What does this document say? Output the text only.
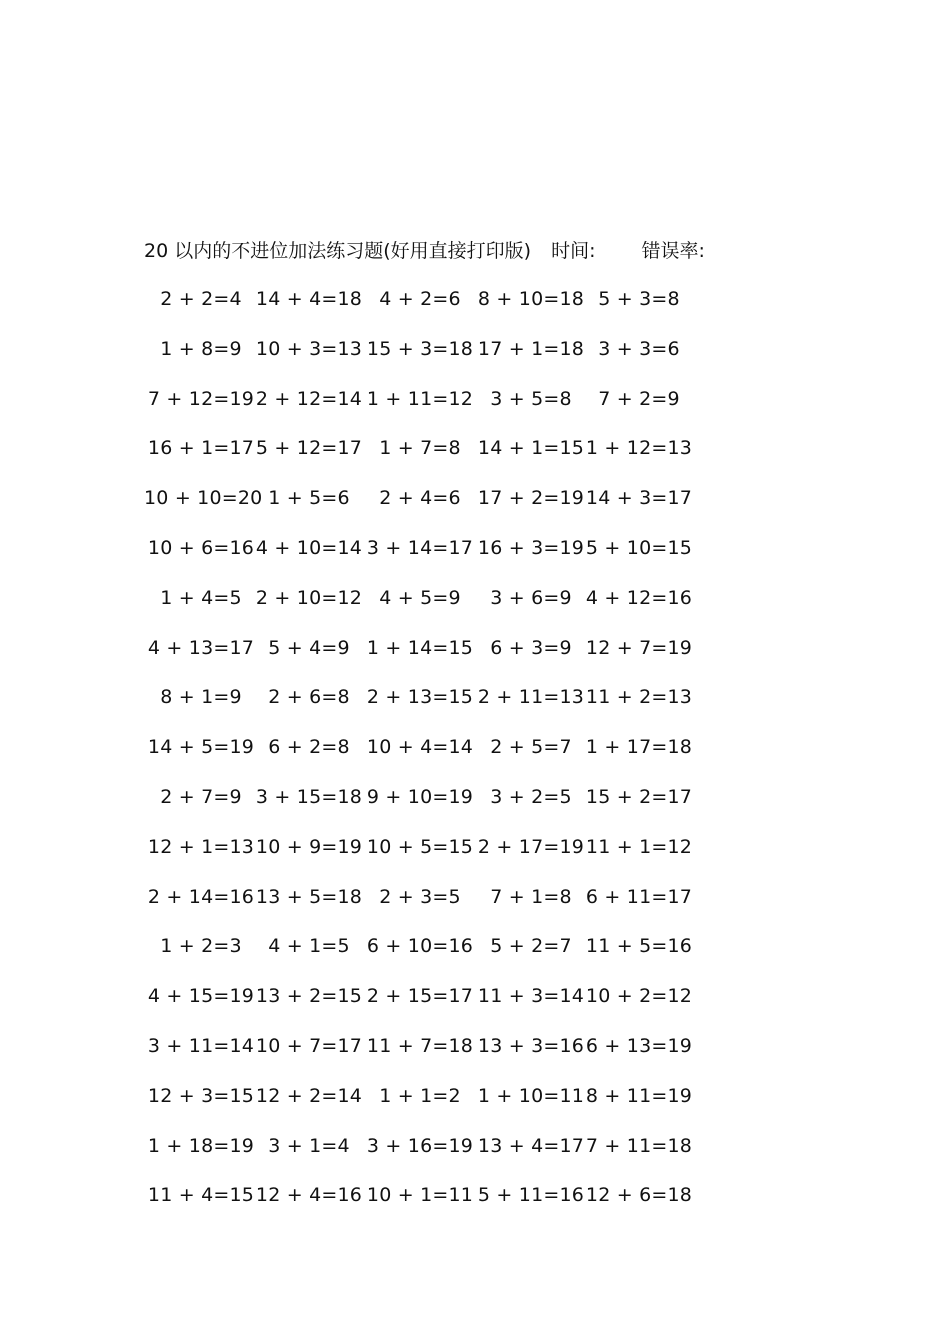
20 以内的不进位加法练习题(好用直接打印版) 时间: 错误率:
2 + 2=4 14 + 4=18 4 + 2=6 8 + 10=18 5 + 3=8
1 + 8=9 10 + 3=13 15 + 3=18 17 + 1=18 3 + 3=6
7 + 12=19 2 + 12=14 1 + 11=12 3 + 5=8	7 + 2=9
16 + 1=17 5 + 12=17 1 + 7=8 14 + 1=15 1 + 12=13
10 + 10=20 1 + 5=6	2 + 4=6 17 + 2=19 14 + 3=17
10 + 6=16 4 + 10=14 3 + 14=17 16 + 3=19 5 + 10=15
1 + 4=5 2 + 10=12 4 + 5=9	3 + 6=9 4 + 12=16
4 + 13=17 5 + 4=9 1 + 14=15 6 + 3=9 12 + 7=19
8 + 1=9	2 + 6=8 2 + 13=15 2 + 11=13 11 + 2=13
14 + 5=19 6 + 2=8 10 + 4=14 2 + 5=7 1 + 17=18
2 + 7=9 3 + 15=18 9 + 10=19 3 + 2=5 15 + 2=17
12 + 1=13 10 + 9=19 10 + 5=15 2 + 17=19 11 + 1=12
2 + 14=16 13 + 5=18 2 + 3=5	7 + 1=8 6 + 11=17
1 + 2=3	4 + 1=5 6 + 10=16 5 + 2=7 11 + 5=16
4 + 15=19 13 + 2=15 2 + 15=17 11 + 3=14 10 + 2=12
3 + 11=14 10 + 7=17 11 + 7=18 13 + 3=16 6 + 13=19
12 + 3=15 12 + 2=14 1 + 1=2 1 + 10=11 8 + 11=19
1 + 18=19 3 + 1=4 3 + 16=19 13 + 4=17 7 + 11=18
11 + 4=15 12 + 4=16 10 + 1=11 5 + 11=16 12 + 6=18
